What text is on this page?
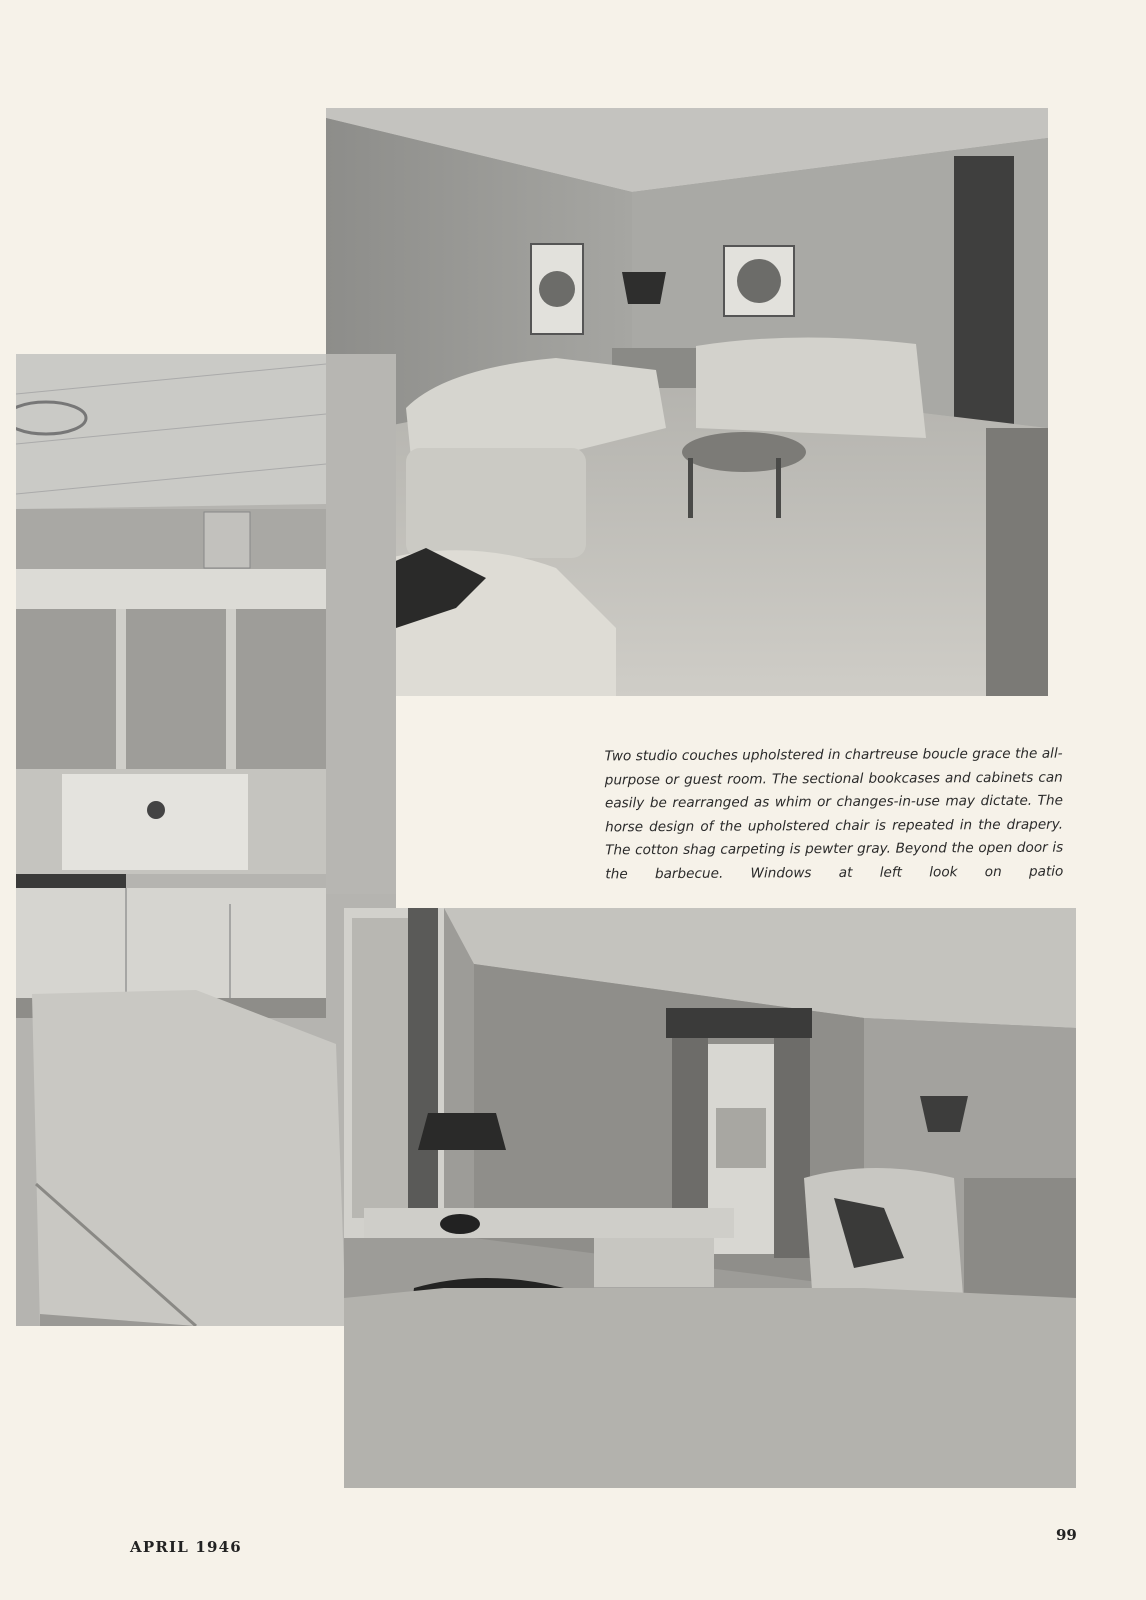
Two studio couches upholstered in chartreuse boucle grace the all-purpose or guest room. The sectional bookcases and cabinets can easily be rearranged as whim or changes-in-use may dictate. The horse design of the upholstered chair is repeated in the drapery. The cotton shag carpeting is pewter gray. Beyond the open door is the barbecue. Windows at left look on patio

APRIL 1946
99
